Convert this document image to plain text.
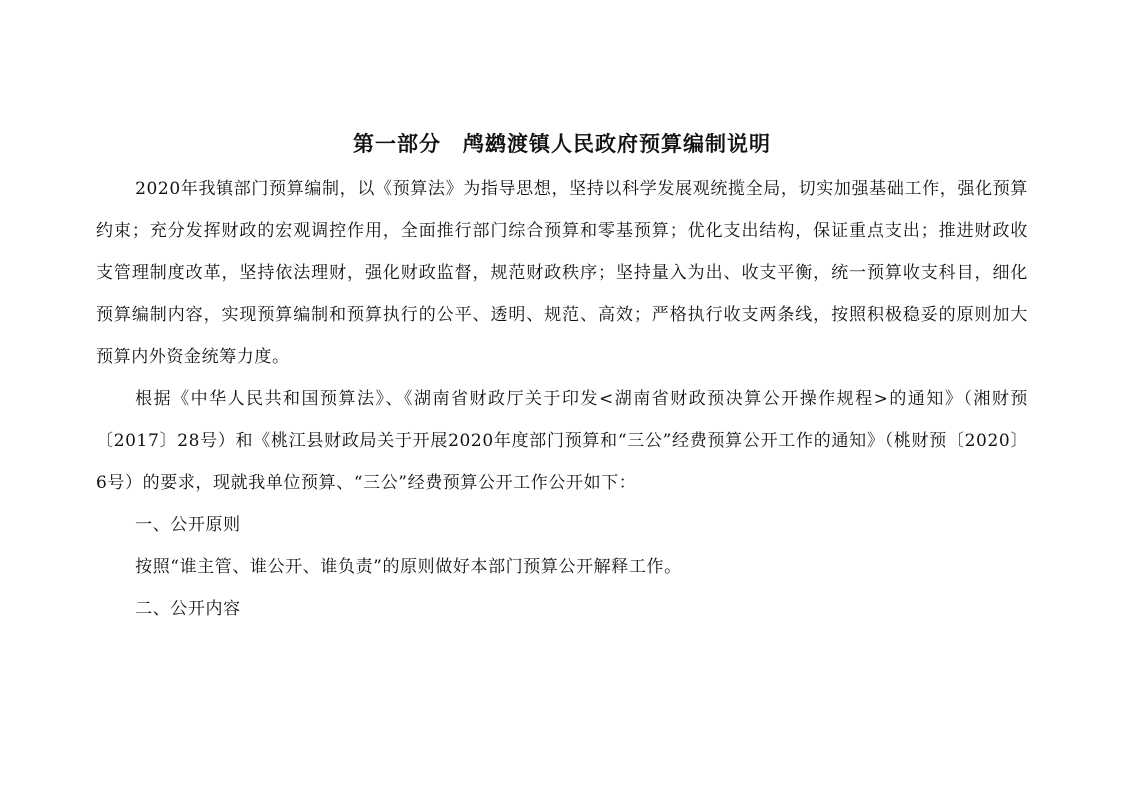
第一部分　鸬鹚渡镇人民政府预算编制说明

2020年我镇部门预算编制，以《预算法》为指导思想，坚持以科学发展观统揽全局，切实加强基础工作，强化预算约束；充分发挥财政的宏观调控作用，全面推行部门综合预算和零基预算；优化支出结构，保证重点支出；推进财政收支管理制度改革，坚持依法理财，强化财政监督，规范财政秩序；坚持量入为出、收支平衡，统一预算收支科目，细化预算编制内容，实现预算编制和预算执行的公平、透明、规范、高效；严格执行收支两条线，按照积极稳妥的原则加大预算内外资金统筹力度。

根据《中华人民共和国预算法》、《湖南省财政厅关于印发<湖南省财政预决算公开操作规程>的通知》（湘财预〔2017〕28号）和《桃江县财政局关于开展2020年度部门预算和“三公”经费预算公开工作的通知》（桃财预〔2020〕6号）的要求，现就我单位预算、“三公”经费预算公开工作公开如下：

一、公开原则

按照“谁主管、谁公开、谁负责”的原则做好本部门预算公开解释工作。

二、公开内容
